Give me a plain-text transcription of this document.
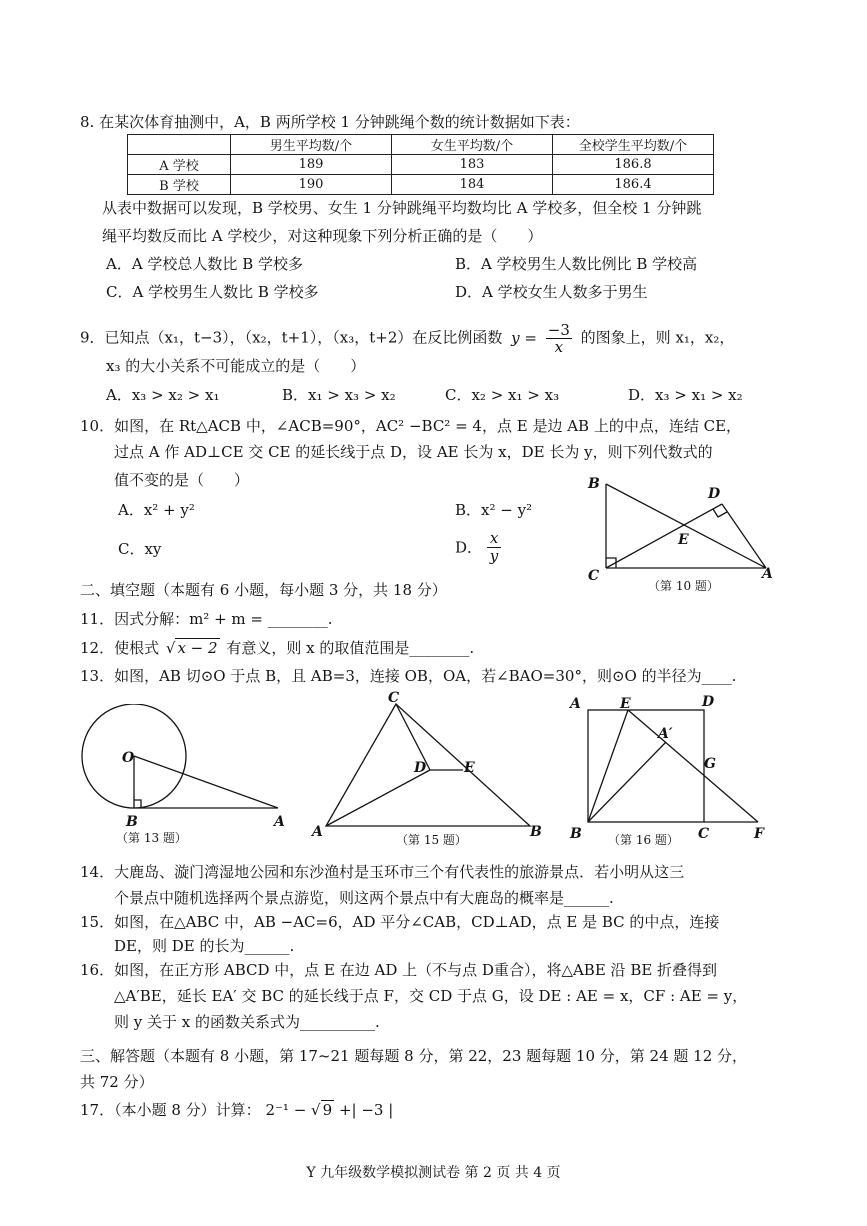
8. 在某次体育抽测中，A，B 两所学校 1 分钟跳绳个数的统计数据如下表：
	男生平均数/个	女生平均数/个	全校学生平均数/个
A 学校	189	183	186.8
B 学校	190	184	186.4
从表中数据可以发现，B 学校男、女生 1 分钟跳绳平均数均比 A 学校多，但全校 1 分钟跳
绳平均数反而比 A 学校少，对这种现象下列分析正确的是（　　）
A．A 学校总人数比 B 学校多	B．A 学校男生人数比例比 B 学校高
C．A 学校男生人数比 B 学校多	D．A 学校女生人数多于男生
9．已知点（x₁，t−3），（x₂，t+1），（x₃，t+2）在反比例函数 $y = \frac{-3}{x}$ 的图象上，则 x₁，x₂，
x₃ 的大小关系不可能成立的是（　　）
A．x₃ > x₂ > x₁	B．x₁ > x₃ > x₂	C．x₂ > x₁ > x₃	D．x₃ > x₁ > x₂
10．如图，在 Rt△ACB 中，∠ACB=90°，AC² −BC² = 4，点 E 是边 AB 上的中点，连结 CE，
过点 A 作 AD⊥CE 交 CE 的延长线于点 D，设 AE 长为 x，DE 长为 y，则下列代数式的
值不变的是（　　）
A．x² + y²	B．x² − y²
C．xy	D． $\frac{x}{y}$
B
D
E
C	A
（第 10 题）
二、填空题（本题有 6 小题，每小题 3 分，共 18 分）
11．因式分解：m² + m = ________.
12．使根式 √ x − 2 有意义，则 x 的取值范围是________.
13．如图，AB 切⊙O 于点 B，且 AB=3，连接 OB，OA，若∠BAO=30°，则⊙O 的半径为____.
O
B	A
（第 13 题）
C
D	E
A	B
（第 15 题）
A	E	D
A′
G
B	C	F
（第 16 题）
14．大鹿岛、漩门湾湿地公园和东沙渔村是玉环市三个有代表性的旅游景点．若小明从这三
个景点中随机选择两个景点游览，则这两个景点中有大鹿岛的概率是______.
15．如图，在△ABC 中，AB −AC=6，AD 平分∠CAB，CD⊥AD，点 E 是 BC 的中点，连接
DE，则 DE 的长为______.
16．如图，在正方形 ABCD 中，点 E 在边 AD 上（不与点 D重合），将△ABE 沿 BE 折叠得到
△A′BE，延长 EA′ 交 BC 的延长线于点 F，交 CD 于点 G，设 DE : AE = x，CF : AE = y，
则 y 关于 x 的函数关系式为__________.
三、解答题（本题有 8 小题，第 17~21 题每题 8 分，第 22，23 题每题 10 分，第 24 题 12 分，
共 72 分）
17．（本小题 8 分）计算： 2⁻¹ − √ 9 +| −3 |
Y 九年级数学模拟测试卷 第 2 页 共 4 页
